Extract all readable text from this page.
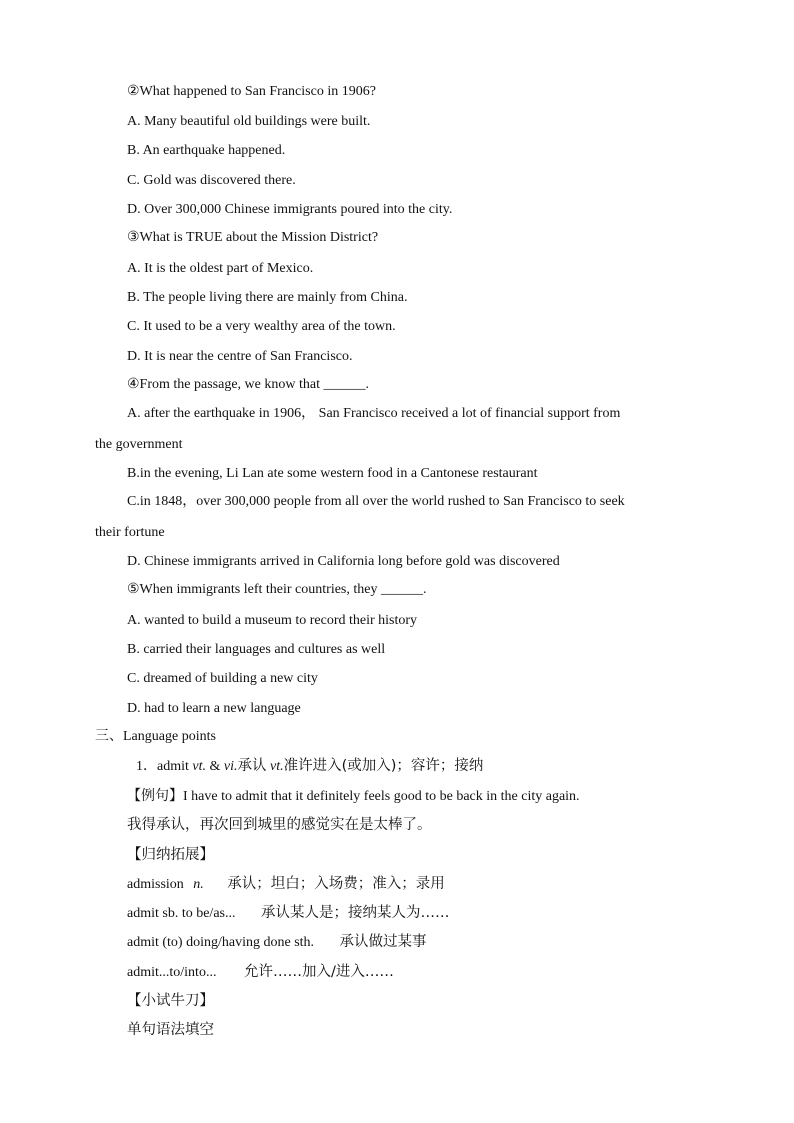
②What happened to San Francisco in 1906?
A. Many beautiful old buildings were built.
B. An earthquake happened.
C. Gold was discovered there.
D. Over 300,000 Chinese immigrants poured into the city.
③What is TRUE about the Mission District?
A. It is the oldest part of Mexico.
B. The people living there are mainly from China.
C. It used to be a very wealthy area of the town.
D. It is near the centre of San Francisco.
④From the passage, we know that ______.
A. after the earthquake in 1906， San Francisco received a lot of financial support from
the government
B.in the evening, Li Lan ate some western food in a Cantonese restaurant
C.in 1848，over 300,000 people from all over the world rushed to San Francisco to seek
their fortune
D. Chinese immigrants arrived in California long before gold was discovered
⑤When immigrants left their countries, they ______.
A. wanted to build a museum to record their history
B. carried their languages and cultures as well
C. dreamed of building a new city
D. had to learn a new language
三、Language points
1．admit vt. & vi.承认 vt.准许进入(或加入)；容许；接纳
【例句】I have to admit that it definitely feels good to be back in the city again.
我得承认，再次回到城里的感觉实在是太棒了。
【归纳拓展】
admission n. 承认；坦白；入场费；准入；录用
admit sb. to be/as... 承认某人是；接纳某人为……
admit (to) doing/having done sth. 承认做过某事
admit...to/into... 允许……加入/进入……
【小试牛刀】
单句语法填空
